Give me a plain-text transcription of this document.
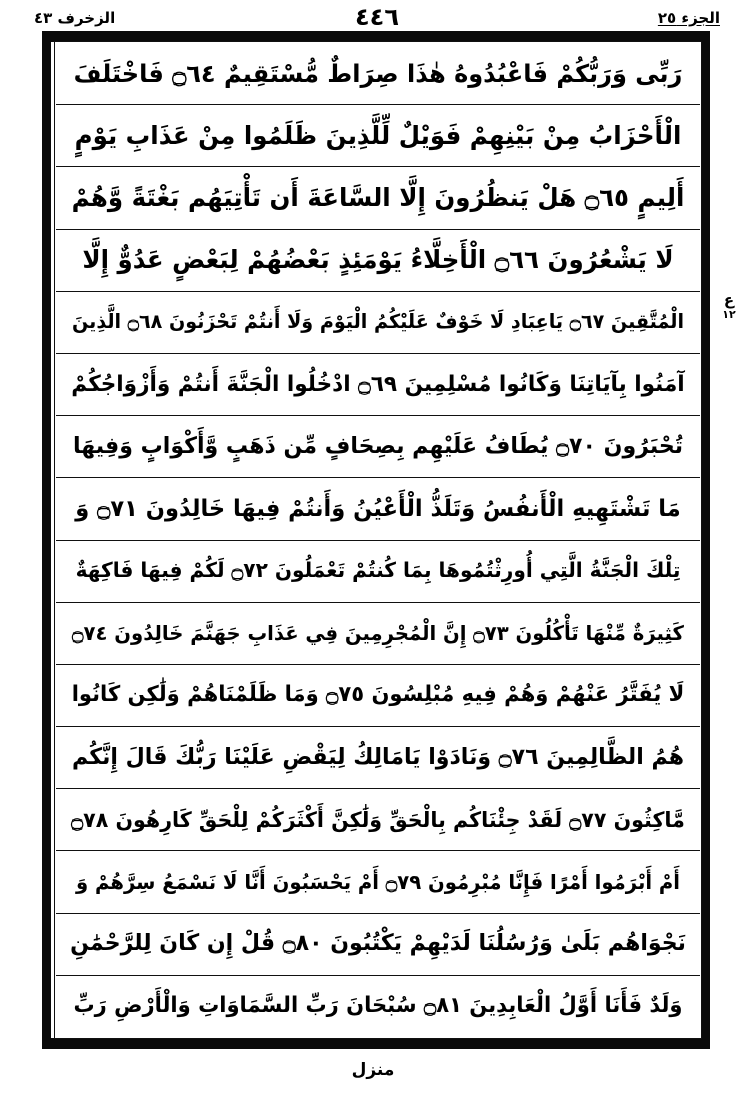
الجزء ٢٥
الزخرف ٤٣	٤٤٦
ع
١٢
رَبِّى وَرَبُّكُمْ فَاعْبُدُوهُ هٰذَا صِرَاطٌ مُّسْتَقِيمٌ ۝٦٤ فَاخْتَلَفَ
الْأَحْزَابُ مِنْ بَيْنِهِمْ فَوَيْلٌ لِّلَّذِينَ ظَلَمُوا مِنْ عَذَابِ يَوْمٍ
أَلِيمٍ ۝٦٥ هَلْ يَنظُرُونَ إِلَّا السَّاعَةَ أَن تَأْتِيَهُم بَغْتَةً وَّهُمْ
لَا يَشْعُرُونَ ۝٦٦ الْأَخِلَّاءُ يَوْمَئِذٍ بَعْضُهُمْ لِبَعْضٍ عَدُوٌّ إِلَّا
الْمُتَّقِينَ ۝٦٧ يَاعِبَادِ لَا خَوْفٌ عَلَيْكُمُ الْيَوْمَ وَلَا أَنتُمْ تَحْزَنُونَ ۝٦٨ الَّذِينَ
آمَنُوا بِآيَاتِنَا وَكَانُوا مُسْلِمِينَ ۝٦٩ ادْخُلُوا الْجَنَّةَ أَنتُمْ وَأَزْوَاجُكُمْ
تُحْبَرُونَ ۝٧٠ يُطَافُ عَلَيْهِم بِصِحَافٍ مِّن ذَهَبٍ وَّأَكْوَابٍ وَفِيهَا
مَا تَشْتَهِيهِ الْأَنفُسُ وَتَلَذُّ الْأَعْيُنُ وَأَنتُمْ فِيهَا خَالِدُونَ ۝٧١ وَ
تِلْكَ الْجَنَّةُ الَّتِي أُورِثْتُمُوهَا بِمَا كُنتُمْ تَعْمَلُونَ ۝٧٢ لَكُمْ فِيهَا فَاكِهَةٌ
كَثِيرَةٌ مِّنْهَا تَأْكُلُونَ ۝٧٣ إِنَّ الْمُجْرِمِينَ فِي عَذَابِ جَهَنَّمَ خَالِدُونَ ۝٧٤
لَا يُفَتَّرُ عَنْهُمْ وَهُمْ فِيهِ مُبْلِسُونَ ۝٧٥ وَمَا ظَلَمْنَاهُمْ وَلَٰكِن كَانُوا
هُمُ الظَّالِمِينَ ۝٧٦ وَنَادَوْا يَامَالِكُ لِيَقْضِ عَلَيْنَا رَبُّكَ قَالَ إِنَّكُم
مَّاكِثُونَ ۝٧٧ لَقَدْ جِئْنَاكُم بِالْحَقِّ وَلَٰكِنَّ أَكْثَرَكُمْ لِلْحَقِّ كَارِهُونَ ۝٧٨
أَمْ أَبْرَمُوا أَمْرًا فَإِنَّا مُبْرِمُونَ ۝٧٩ أَمْ يَحْسَبُونَ أَنَّا لَا نَسْمَعُ سِرَّهُمْ وَ
نَجْوَاهُم بَلَىٰ وَرُسُلُنَا لَدَيْهِمْ يَكْتُبُونَ ۝٨٠ قُلْ إِن كَانَ لِلرَّحْمَٰنِ
وَلَدٌ فَأَنَا أَوَّلُ الْعَابِدِينَ ۝٨١ سُبْحَانَ رَبِّ السَّمَاوَاتِ وَالْأَرْضِ رَبِّ
منزل
